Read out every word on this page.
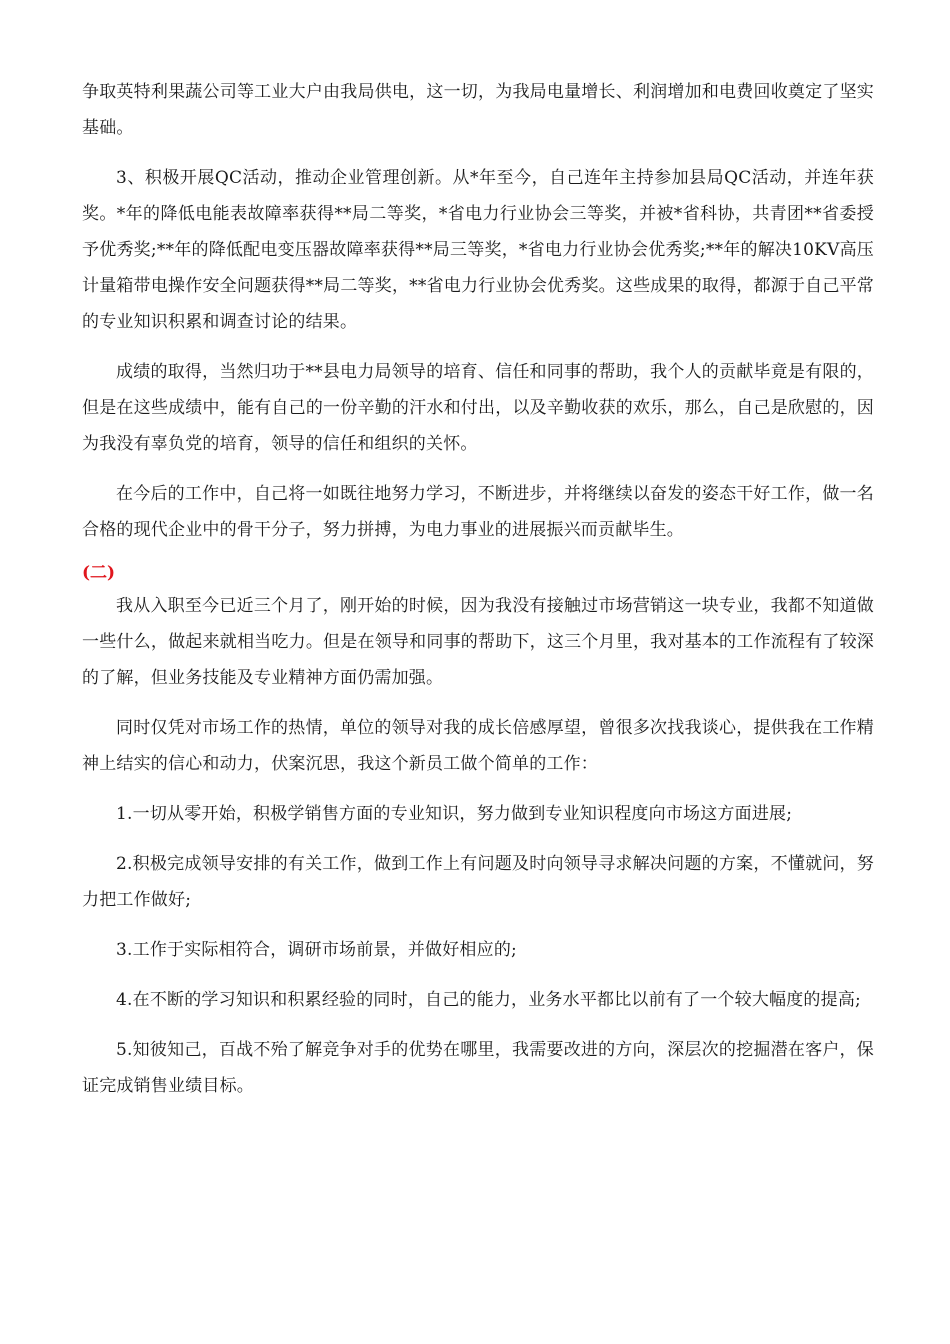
争取英特利果蔬公司等工业大户由我局供电，这一切，为我局电量增长、利润增加和电费回收奠定了坚实基础。

3、积极开展QC活动，推动企业管理创新。从*年至今，自己连年主持参加县局QC活动，并连年获奖。*年的降低电能表故障率获得**局二等奖，*省电力行业协会三等奖，并被*省科协，共青团**省委授予优秀奖;**年的降低配电变压器故障率获得**局三等奖，*省电力行业协会优秀奖;**年的解决10KV高压计量箱带电操作安全问题获得**局二等奖，**省电力行业协会优秀奖。这些成果的取得，都源于自己平常的专业知识积累和调查讨论的结果。

成绩的取得，当然归功于**县电力局领导的培育、信任和同事的帮助，我个人的贡献毕竟是有限的，但是在这些成绩中，能有自己的一份辛勤的汗水和付出，以及辛勤收获的欢乐，那么，自己是欣慰的，因为我没有辜负党的培育，领导的信任和组织的关怀。

在今后的工作中，自己将一如既往地努力学习，不断进步，并将继续以奋发的姿态干好工作，做一名合格的现代企业中的骨干分子，努力拼搏，为电力事业的进展振兴而贡献毕生。

(二)

我从入职至今已近三个月了，刚开始的时候，因为我没有接触过市场营销这一块专业，我都不知道做一些什么，做起来就相当吃力。但是在领导和同事的帮助下，这三个月里，我对基本的工作流程有了较深的了解，但业务技能及专业精神方面仍需加强。

同时仅凭对市场工作的热情，单位的领导对我的成长倍感厚望，曾很多次找我谈心，提供我在工作精神上结实的信心和动力，伏案沉思，我这个新员工做个简单的工作：

1.一切从零开始，积极学销售方面的专业知识，努力做到专业知识程度向市场这方面进展;

2.积极完成领导安排的有关工作，做到工作上有问题及时向领导寻求解决问题的方案，不懂就问，努力把工作做好;

3.工作于实际相符合，调研市场前景，并做好相应的;

4.在不断的学习知识和积累经验的同时，自己的能力，业务水平都比以前有了一个较大幅度的提高;

5.知彼知己，百战不殆了解竞争对手的优势在哪里，我需要改进的方向，深层次的挖掘潜在客户，保证完成销售业绩目标。
